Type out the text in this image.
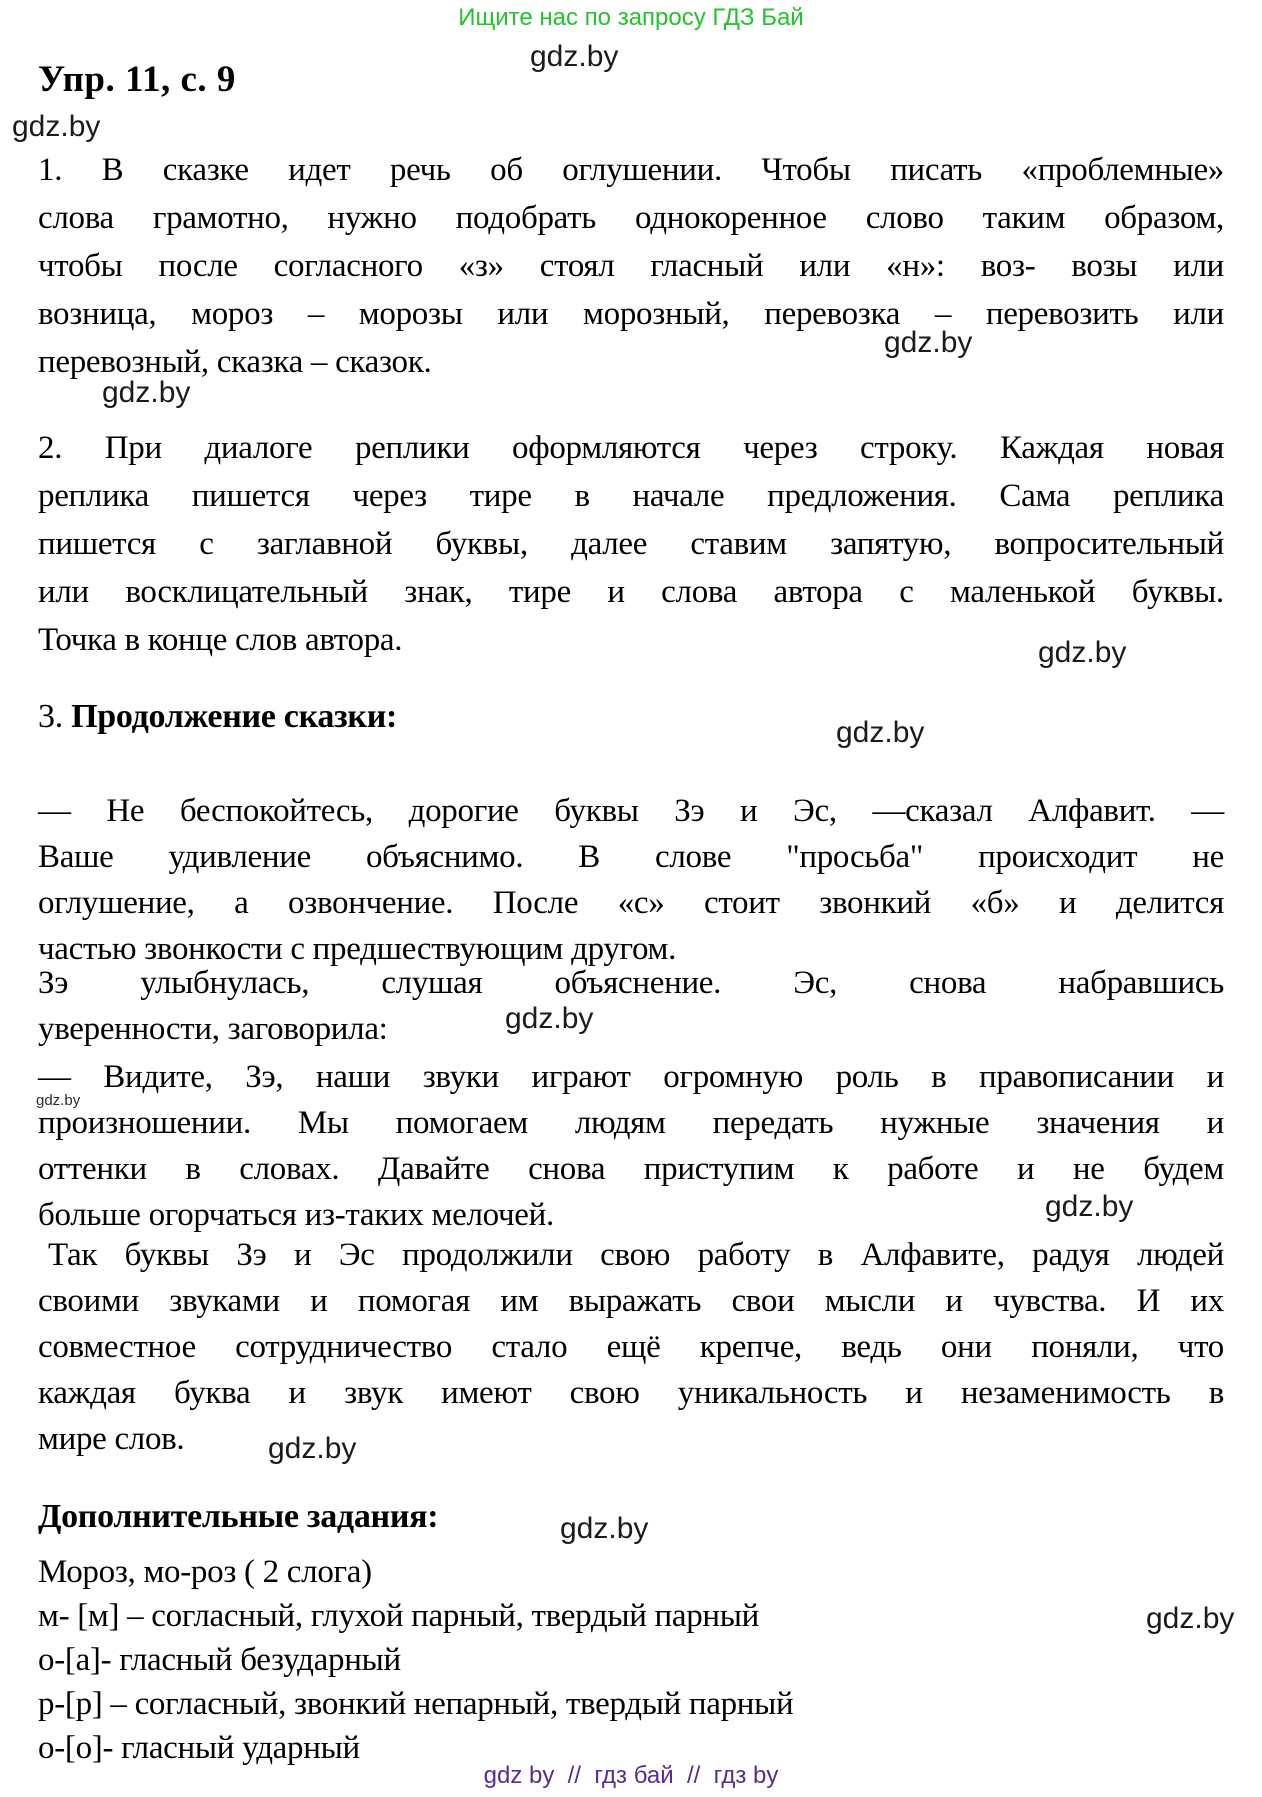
Ищите нас по запросу ГДЗ Бай
gdz.by
Упр. 11, с. 9
gdz.by
1. В сказке идет речь об оглушении. Чтобы писать «проблемные»
слова грамотно, нужно подобрать однокоренное слово таким образом,
чтобы после согласного «з» стоял гласный или «н»: воз- возы или
возница, мороз – морозы или морозный, перевозка – перевозить или
перевозный, сказка – сказок.
gdz.by
gdz.by
2. При диалоге реплики оформляются через строку. Каждая новая
реплика пишется через тире в начале предложения. Сама реплика
пишется с заглавной буквы, далее ставим запятую, вопросительный
или восклицательный знак, тире и слова автора с маленькой буквы.
Точка в конце слов автора.	gdz.by
3. Продолжение сказки:	gdz.by
— Не беспокойтесь, дорогие буквы Зэ и Эс, —сказал Алфавит. —
Ваше удивление объяснимо. В слове "просьба" происходит не
оглушение, а озвончение. После «с» стоит звонкий «б» и делится
частью звонкости с предшествующим другом.
Зэ улыбнулась, слушая объяснение. Эс, снова набравшись
уверенности, заговорила:	gdz.by
— Видите, Зэ, наши звуки играют огромную роль в правописании и
произношении. Мы помогаем людям передать нужные значения и
оттенки в словах. Давайте снова приступим к работе и не будем
больше огорчаться из-таких мелочей.
gdz.by
gdz.by
Так буквы Зэ и Эс продолжили свою работу в Алфавите, радуя людей
своими звуками и помогая им выражать свои мысли и чувства. И их
совместное сотрудничество стало ещё крепче, ведь они поняли, что
каждая буква и звук имеют свою уникальность и незаменимость в
мире слов.	gdz.by
Дополнительные задания:	gdz.by
Мороз, мо-роз ( 2 слога)
м- [м] – согласный, глухой парный, твердый парный
о-[а]- гласный безударный
р-[р] – согласный, звонкий непарный, твердый парный
о-[о]- гласный ударный
gdz.by
gdz by  //  гдз бай  //  гдз by
